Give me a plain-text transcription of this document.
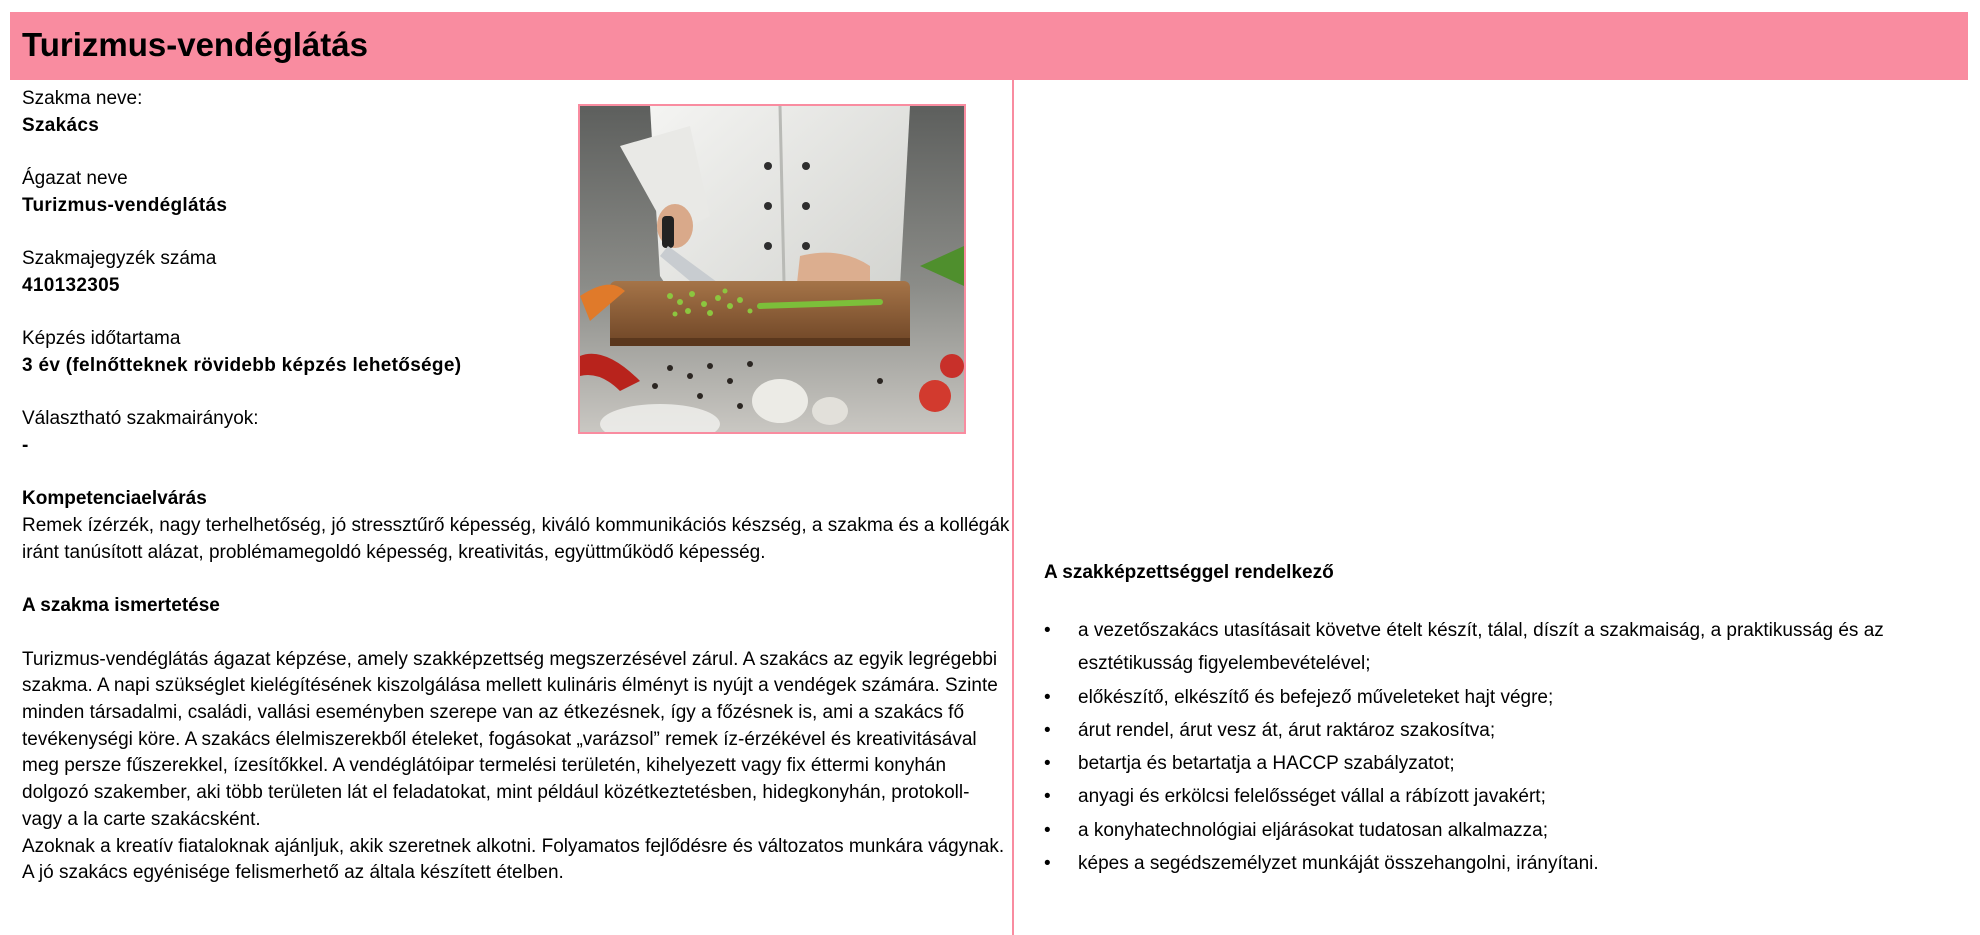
Turizmus-vendéglátás
Szakma neve:
Szakács
Ágazat neve
Turizmus-vendéglátás
Szakmajegyzék száma
410132305
Képzés időtartama
3 év (felnőtteknek rövidebb képzés lehetősége)
Választható szakmairányok:
-
Kompetenciaelvárás
Remek ízérzék, nagy terhelhetőség, jó stressztűrő képesség, kiváló kommunikációs készség, a szakma és a kollégák iránt tanúsított alázat, problémamegoldó képesség, kreativitás, együttműködő képesség.
A szakma ismertetése
Turizmus-vendéglátás ágazat képzése, amely szakképzettség megszerzésével zárul. A szakács az egyik legrégebbi szakma. A napi szükséglet kielégítésének kiszolgálása mellett kulináris élményt is nyújt a vendégek számára. Szinte minden társadalmi, családi, vallási eseményben szerepe van az étkezésnek, így a főzésnek is, ami a szakács fő tevékenységi köre. A szakács élelmiszerekből ételeket, fogásokat „varázsol” remek íz-érzékével és kreativitásával meg persze fűszerekkel, ízesítőkkel. A vendéglátóipar termelési területén, kihelyezett vagy fix éttermi konyhán dolgozó szakember, aki több területen lát el feladatokat, mint például közétkeztetésben, hidegkonyhán, protokoll- vagy a la carte szakácsként.
Azoknak a kreatív fiataloknak ajánljuk, akik szeretnek alkotni. Folyamatos fejlődésre és változatos munkára vágynak. A jó szakács egyénisége felismerhető az általa készített ételben.
A szakképzettséggel rendelkező
• a vezetőszakács utasításait követve ételt készít, tálal, díszít a szakmaiság, a praktikusság és az esztétikusság figyelembevételével;
• előkészítő, elkészítő és befejező műveleteket hajt végre;
• árut rendel, árut vesz át, árut raktároz szakosítva;
• betartja és betartatja a HACCP szabályzatot;
• anyagi és erkölcsi felelősséget vállal a rábízott javakért;
• a konyhatechnológiai eljárásokat tudatosan alkalmazza;
• képes a segédszemélyzet munkáját összehangolni, irányítani.
